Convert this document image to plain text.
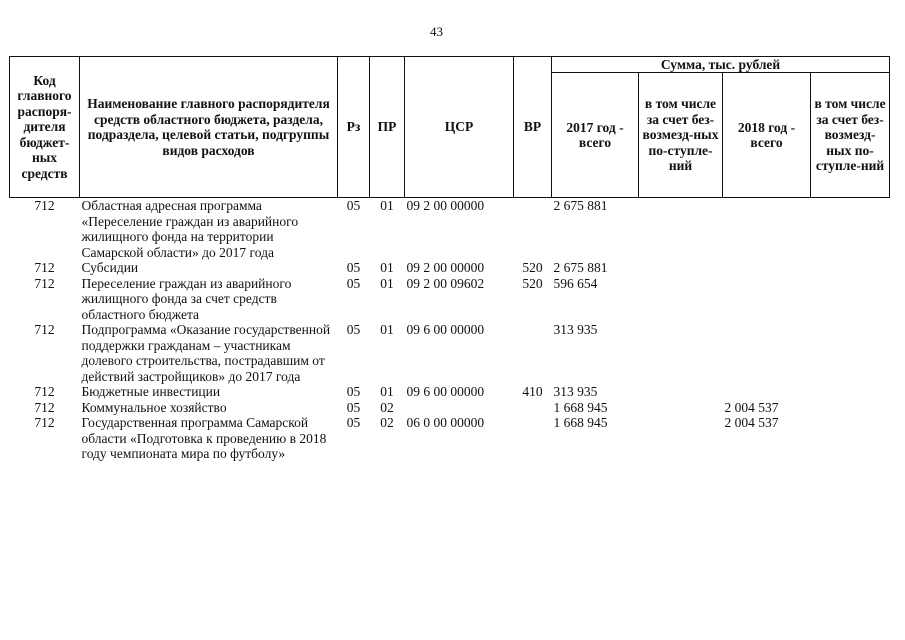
43
Код главного распоря-дителя бюджет-ных средств	Наименование главного распорядителя средств областного бюджета, раздела, подраздела, целевой статьи, подгруппы видов расходов	Рз	ПР	ЦСР	ВР	Сумма, тыс. рублей			
						2017 год - всего	в том числе за счет без-возмезд-ных по-ступле-ний	2018 год - всего	в том числе за счет без-возмезд-ных по-ступле-ний
712	Областная адресная программа «Переселение граждан из аварийного жилищного фонда на территории Самарской области» до 2017 года	05	01	09 2 00 00000		2 675 881			
712	Субсидии	05	01	09 2 00 00000	520	2 675 881			
712	Переселение граждан из аварийного жилищного фонда за счет средств областного бюджета	05	01	09 2 00 09602	520	596 654			
712	Подпрограмма «Оказание государственной поддержки гражданам – участникам долевого строительства, пострадавшим от действий застройщиков» до 2017 года	05	01	09 6 00 00000		313 935			
712	Бюджетные инвестиции	05	01	09 6 00 00000	410	313 935			
712	Коммунальное хозяйство	05	02			1 668 945		2 004 537	
712	Государственная программа Самарской области «Подготовка к проведению в 2018 году чемпионата мира по футболу»	05	02	06 0 00 00000		1 668 945		2 004 537	
